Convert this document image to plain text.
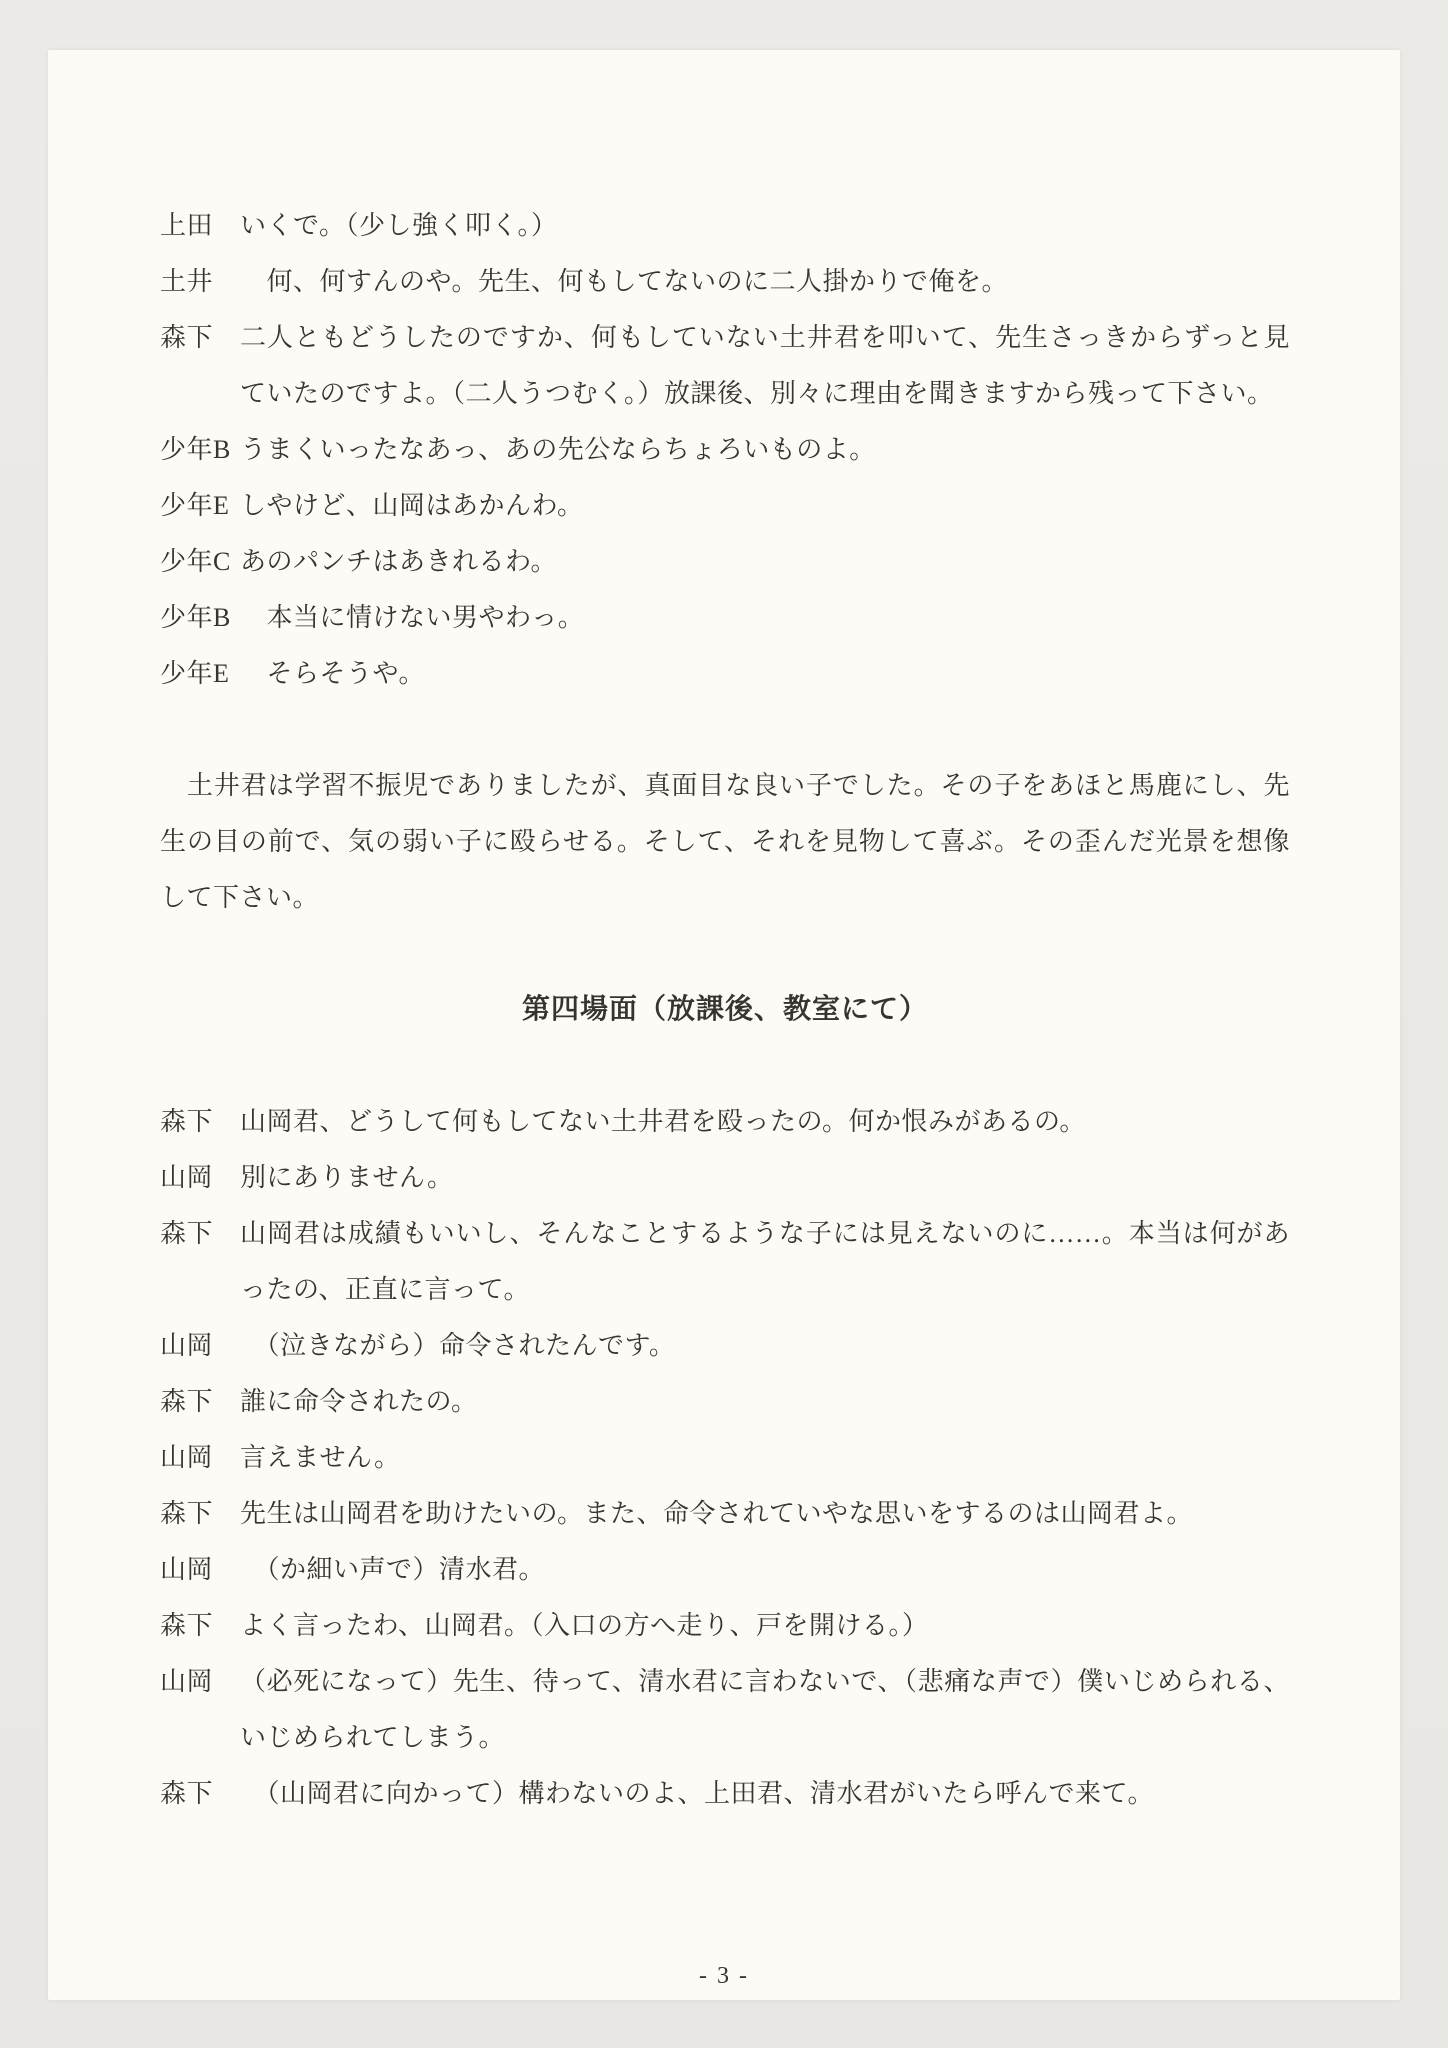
上田	いくで。（少し強く叩く。）
土井	　何、何すんのや。先生、何もしてないのに二人掛かりで俺を。
森下	二人ともどうしたのですか、何もしていない土井君を叩いて、先生さっきからずっと見ていたのですよ。（二人うつむく。）放課後、別々に理由を聞きますから残って下さい。
少年B うまくいったなあっ、あの先公ならちょろいものよ。
少年E しやけど、山岡はあかんわ。
少年C あのパンチはあきれるわ。
少年B 　本当に情けない男やわっ。
少年E 　そらそうや。

　土井君は学習不振児でありましたが、真面目な良い子でした。その子をあほと馬鹿にし、先生の目の前で、気の弱い子に殴らせる。そして、それを見物して喜ぶ。その歪んだ光景を想像して下さい。

第四場面（放課後、教室にて）
森下	山岡君、どうして何もしてない土井君を殴ったの。何か恨みがあるの。
山岡	別にありません。
森下	山岡君は成績もいいし、そんなことするような子には見えないのに……。本当は何があったの、正直に言って。
山岡	　（泣きながら）命令されたんです。
森下	誰に命令されたの。
山岡	言えません。
森下	先生は山岡君を助けたいの。また、命令されていやな思いをするのは山岡君よ。
山岡	　（か細い声で）清水君。
森下	よく言ったわ、山岡君。（入口の方へ走り、戸を開ける。）
山岡	（必死になって）先生、待って、清水君に言わないで、（悲痛な声で）僕いじめられる、いじめられてしまう。
森下	　（山岡君に向かって）構わないのよ、上田君、清水君がいたら呼んで来て。
- 3 -
